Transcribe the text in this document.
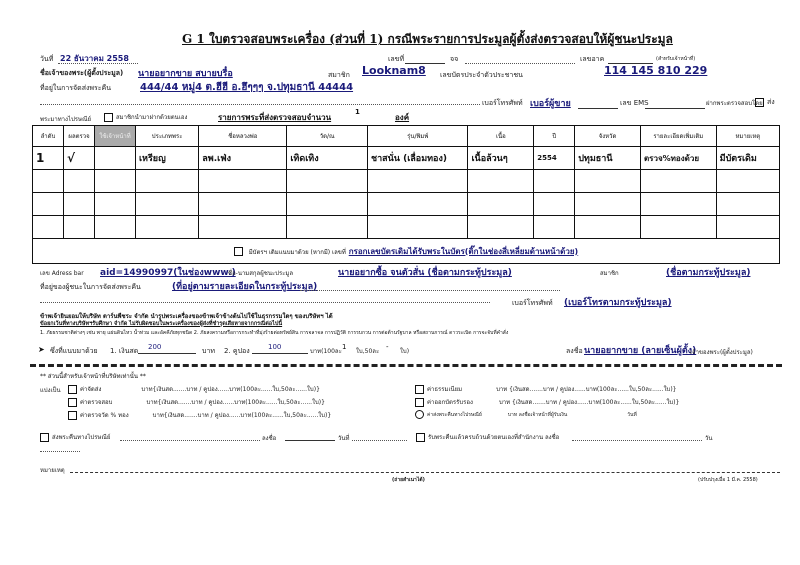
G 1 ใบตรวจสอบพระเครื่อง (ส่วนที่ 1) กรณีพระรายการประมูลผู้ตั้งส่งตรวจสอบให้ผู้ชนะประมูล
วันที่ 22 ธันวาคม 2558	เลขที่	จจ	เลขอาค	(สำหรับเจ้าหน้าที่)
ชื่อเจ้าของพระ(ผู้ตั้งประมูล) นายอยากขาย สบายบรื๋อ	สมาชิก Looknam8 เลขบัตรประจำตัวประชาชน	114 145 810 229
ที่อยู่ในการจัดส่งพระคืน	444/44 หมู่4 ต.ฮีฮี อ.ฮึๆๆๆ จ.ปทุมธานี 44444
เบอร์โทรศัพท์ เบอร์ผู้ขาย	เลข EMS	ฝากพระตรวจสอบโดย ส่ง
พระมาทางไปรษณีย์	สมาชิกนำมาฝากด้วยตนเอง	รายการพระที่ส่งตรวจสอบจำนวน
1
องค์
ลำดับ	ผลตรวจ	ใช้เจ้าหน้าที่	ประเภทพระ	ชื่อหลวงพ่อ	วัด/ณ	รุ่น/พิมพ์	เนื้อ	ปี	จังหวัด	รายละเอียดเพิ่มเติม	หมายเหตุ
1	√		เหรียญ	ลพ.เฟ่ง	เทิดเทิง	ชาสนั่น (เลื่อมทอง)	เนื้อล้วนๆ	2554	ปทุมธานี	ตรวจ%ทองด้วย	มีบัตรเดิม

มีบัตรฯ เดิมแนบมาด้วย (หากมี) เลขที่ กรอกเลขบัตรเดิมได้รับพระในบัตร(ติ๊กในช่องสี่เหลี่ยมด้านหน้าด้วย)											
เลข Adress bar aid=14990997(ในช่องwww.)
ชื่อ-นามสกุลผู้ชนะประมูล	นายอยากซื้อ จนตัวสั่น (ชื่อตามกระทู้ประมูล)	สมาชิก	(ชื่อตามกระทู้ประมูล)
ที่อยู่ของผู้ชนะในการจัดส่งพระคืน	(ที่อยู่ตามรายละเอียดในกระทู้ประมูล)
เบอร์โทรศัพท์ (เบอร์โทรตามกระทู้ประมูล)
ข้าพเจ้ายินยอมให้บริษัท ดาร์นพืชระ จำกัด นำรูปพระเครื่องของข้าพเจ้าข้างต้นไปใช้ในธุรกรรมใดๆ ของบริษัทฯ ได้
ข้อยกเว้นที่ทางบริษัทฯรับศึกษา จำกัด ไม่รับผิดชอบในพระเครื่องของผู้ส่งที่ชำรุดเสียหายจากกรณีต่อไปนี้
1. ภัยธรรมชาติต่างๆ เช่น พายุ แผ่นดินไหว น้ำท่วม และอัคคีภัยทุกชนิด 2. ภัยสงครามหรือการกระทำที่มุ่งร้ายต่อทรัพย์สิน การจลาจล การปฏิวัติ การรบกวน การต่อต้านรัฐบาล หรือสถานการณ์ ดาวระเบิด การจะจับที่คำสั่ง
➤ ซึ่งที่แนบมาด้วย 1. เงินสด 200	บาท 2. คูปอง	100
บาท(100ละ
1
ใบ,50ละ
-
ใบ)	ลงชื่อ นายอยากขาย (ลายเซ็นผู้ตั้ง)
เจ้าของพระ(ผู้ตั้งประมูล)
** ส่วนนี้สำหรับเจ้าหน้าที่บริษัทเท่านั้น **
แบ่งเป็น	ค่าจัดส่ง	บาท{เงินสด.......บาท / คูปอง......บาท(100ละ......ใบ,50ละ......ใบ)}
ค่าตรวจสอบ	บาท{เงินสด.......บาท / คูปอง......บาท(100ละ......ใบ,50ละ......ใบ)}
ค่าตรวจวัด % ทอง	บาท{เงินสด.......บาท / คูปอง......บาท(100ละ......ใบ,50ละ......ใบ)}
ค่าธรรมเนียม	บาท {เงินสด.......บาท / คูปอง......บาท(100ละ......ใบ,50ละ......ใบ)}
ค่าออกบัตรรับรอง	บาท {เงินสด.......บาท / คูปอง......บาท(100ละ......ใบ,50ละ......ใบ)}
ค่าส่งพระคืนทางไปรษณีย์	บาท ลงชื่อเจ้าหน้าที่ผู้รับเงิน	วันที่
ส่งพระคืนทางไปรษณีย์	ลงชื่อ	วันที่	รับพระคืนแล้วครบถ้วนด้วยตนเองที่สำนักงาน ลงชื่อ	วัน
หมายเหตุ
(ถ่ายสำเนาได้)	(ปรับปรุงเมื่อ 1 มี.ค. 2558)
